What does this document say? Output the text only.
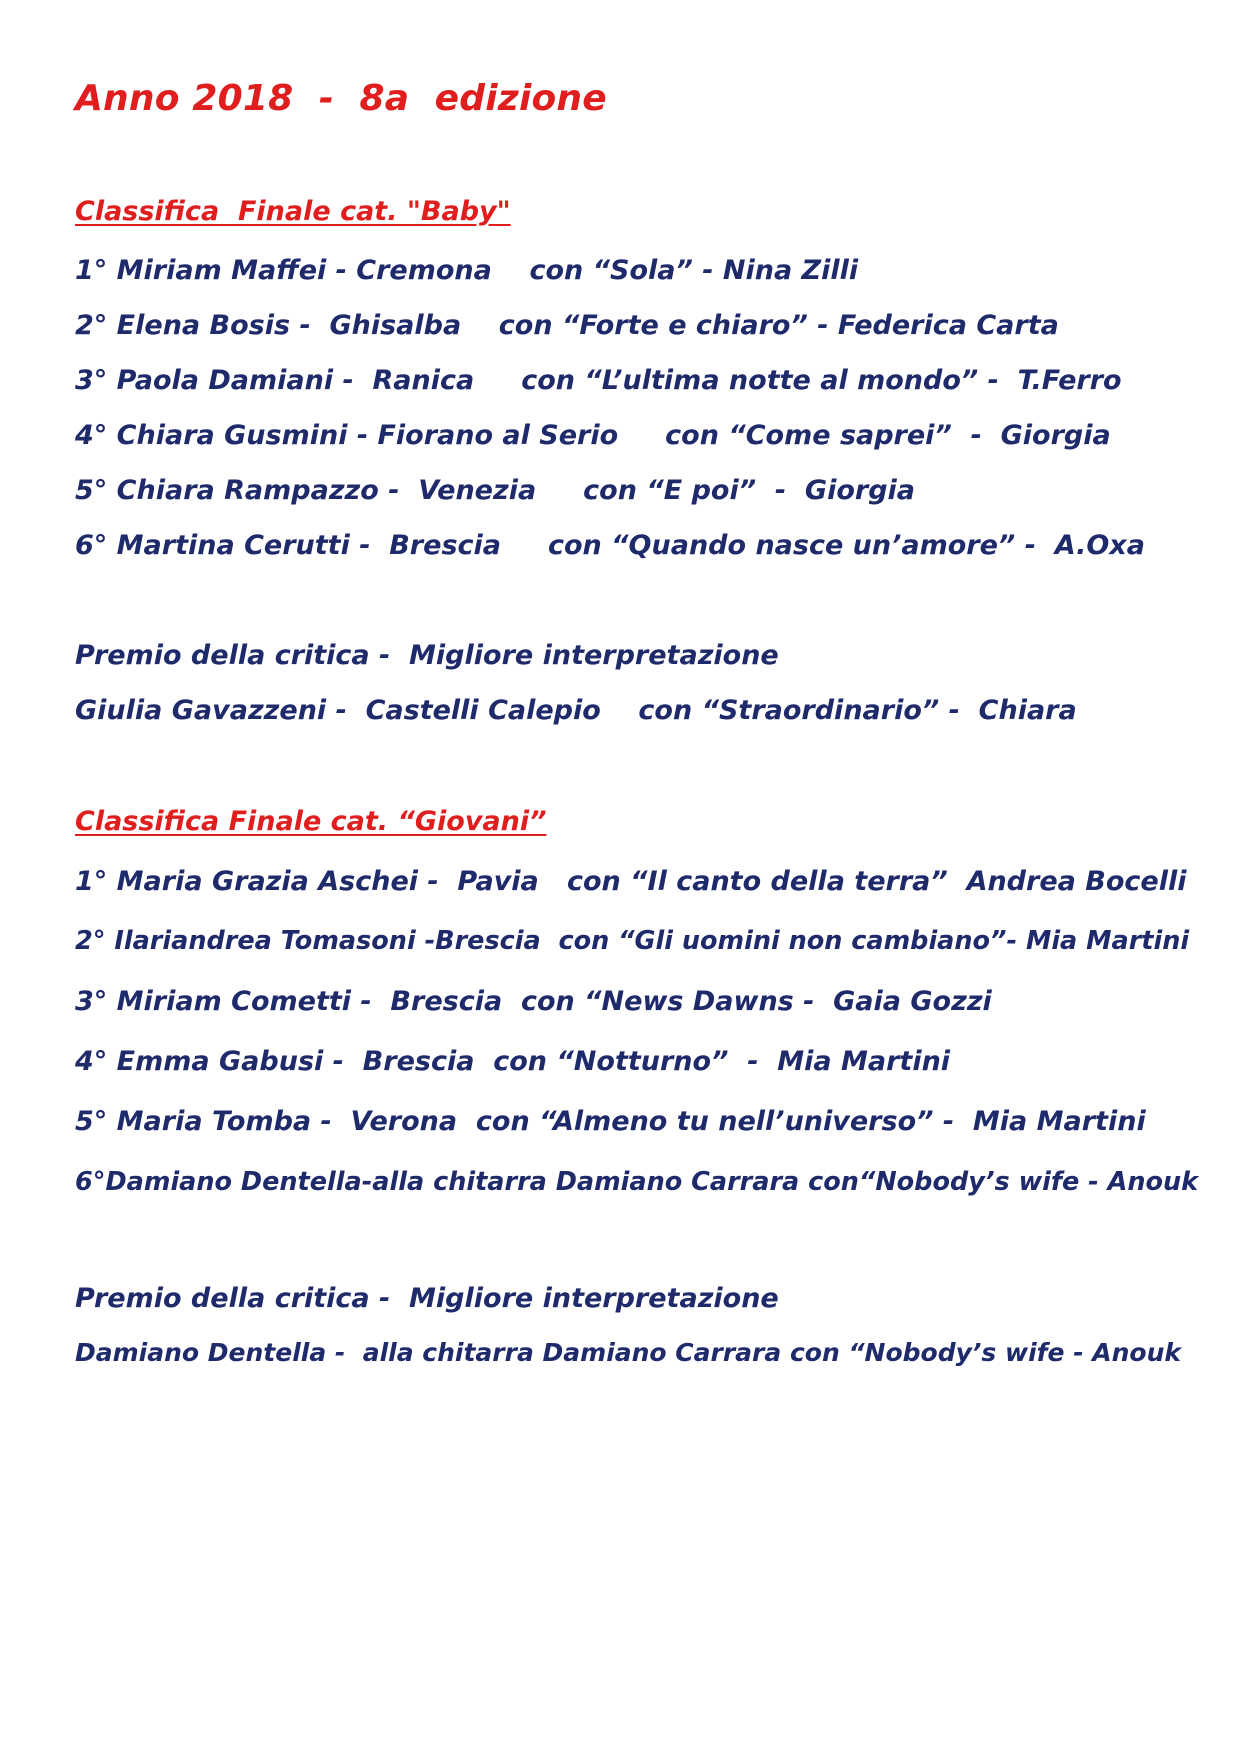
Anno 2018  -  8a  edizione
Classifica  Finale cat. "Baby"
1° Miriam Maffei - Cremona    con “Sola” - Nina Zilli
2° Elena Bosis -  Ghisalba    con “Forte e chiaro” - Federica Carta
3° Paola Damiani -  Ranica     con “L’ultima notte al mondo” -  T.Ferro
4° Chiara Gusmini - Fiorano al Serio     con “Come saprei”  -  Giorgia
5° Chiara Rampazzo -  Venezia     con “E poi”  -  Giorgia
6° Martina Cerutti -  Brescia     con “Quando nasce un’amore” -  A.Oxa
Premio della critica -  Migliore interpretazione
Giulia Gavazzeni -  Castelli Calepio    con “Straordinario” -  Chiara
Classifica Finale cat. “Giovani”
1° Maria Grazia Aschei -  Pavia   con “Il canto della terra”  Andrea Bocelli
2° Ilariandrea Tomasoni -Brescia  con “Gli uomini non cambiano”- Mia Martini
3° Miriam Cometti -  Brescia  con “News Dawns -  Gaia Gozzi
4° Emma Gabusi -  Brescia  con “Notturno”  -  Mia Martini
5° Maria Tomba -  Verona  con “Almeno tu nell’universo” -  Mia Martini
6°Damiano Dentella-alla chitarra Damiano Carrara con“Nobody’s wife - Anouk
Premio della critica -  Migliore interpretazione
Damiano Dentella -  alla chitarra Damiano Carrara con “Nobody’s wife - Anouk
